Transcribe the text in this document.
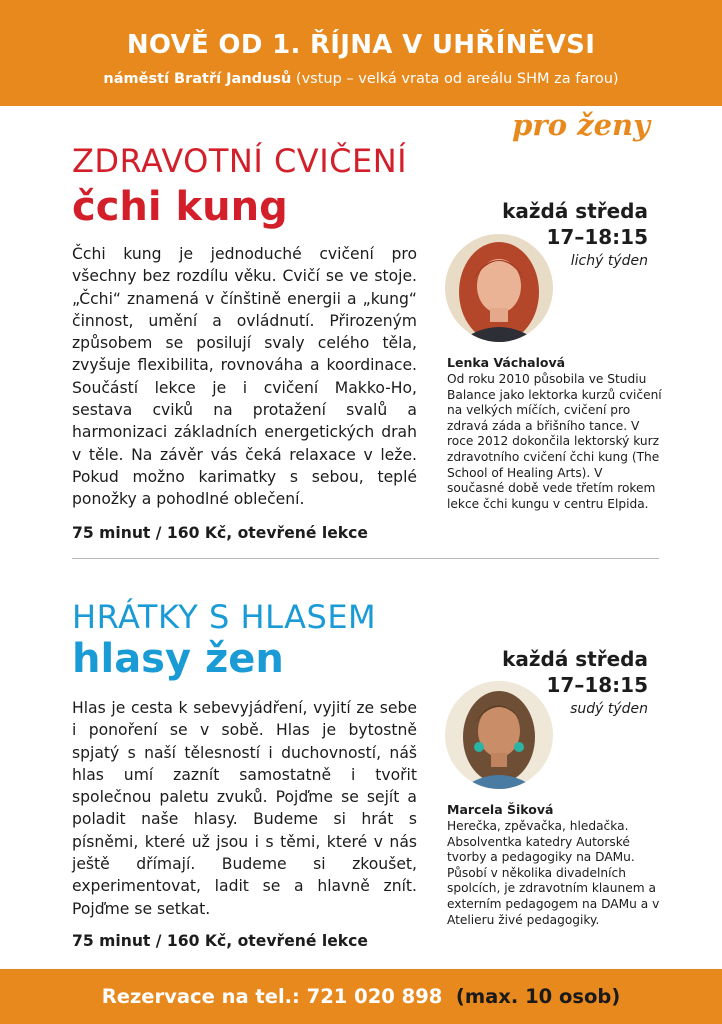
NOVĚ OD 1. ŘÍJNA V UHŘÍNĚVSI
náměstí Bratří Jandusů (vstup – velká vrata od areálu SHM za farou)
pro ženy
ZDRAVOTNÍ CVIČENÍ
čchi kung
Čchi kung je jednoduché cvičení pro všechny bez rozdílu věku. Cvičí se ve stoje. „Čchi“ znamená v čínštině energii a „kung“ činnost, umění a ovládnutí. Přirozeným způsobem se posilují svaly celého těla, zvyšuje flexibilita, rovnováha a koordinace. Součástí lekce je i cvičení Makko-Ho, sestava cviků na protažení svalů a harmonizaci základních energetických drah v těle. Na závěr vás čeká relaxace v leže. Pokud možno karimatky s sebou, teplé ponožky a pohodlné oblečení.
75 minut / 160 Kč, otevřené lekce
každá středa
17–18:15
lichý týden
Lenka Váchalová
Od roku 2010 působila ve Studiu Balance jako lektorka kurzů cvičení na velkých míčích, cvičení pro zdravá záda a břišního tance. V roce 2012 dokončila lektorský kurz zdravotního cvičení čchi kung (The School of Healing Arts). V současné době vede třetím rokem lekce čchi kungu v centru Elpida.
HRÁTKY S HLASEM
hlasy žen
Hlas je cesta k sebevyjádření, vyjití ze sebe i ponoření se v sobě. Hlas je bytostně spjatý s naší tělesností i duchovností, náš hlas umí zaznít samostatně i tvořit společnou paletu zvuků. Pojďme se sejít a poladit naše hlasy. Budeme si hrát s písněmi, které už jsou i s těmi, které v nás ještě dřímají. Budeme si zkoušet, experimentovat, ladit se a hlavně znít. Pojďme se setkat.
75 minut / 160 Kč, otevřené lekce
každá středa
17–18:15
sudý týden
Marcela Šiková
Herečka, zpěvačka, hledačka. Absolventka katedry Autorské tvorby a pedagogiky na DAMu. Působí v několika divadelních spolcích, je zdravotním klaunem a externím pedagogem na DAMu a v Atelieru živé pedagogiky.
Rezervace na tel.: 721 020 898 (max. 10 osob)
